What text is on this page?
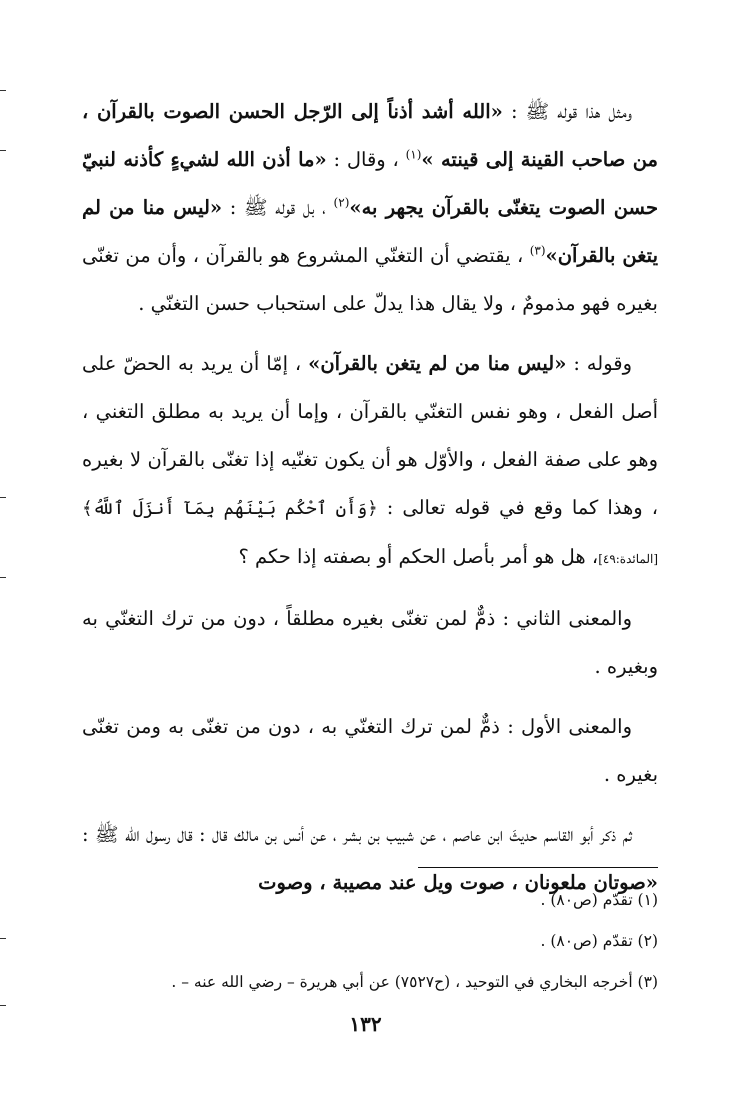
ومثل هذا قوله ﷺ : «الله أشد أذناً إلى الرّجل الحسن الصوت بالقرآن ، من صاحب القينة إلى قينته »$^{(١)}$ ، وقال : «ما أذن الله لشيءٍ كأذنه لنبيّ حسن الصوت يتغنّى بالقرآن يجهر به»$^{(٢)}$ ، بل قوله ﷺ : «ليس منا من لم يتغن بالقرآن»$^{(٣)}$ ، يقتضي أن التغنّي المشروع هو بالقرآن ، وأن من تغنّى بغيره فهو مذمومٌ ، ولا يقال هذا يدلّ على استحباب حسن التغنّي .

وقوله : «ليس منا من لم يتغن بالقرآن» ، إمّا أن يريد به الحضّ على أصل الفعل ، وهو نفس التغنّي بالقرآن ، وإما أن يريد به مطلق التغني ، وهو على صفة الفعل ، والأوّل هو أن يكون تغنّيه إذا تغنّى بالقرآن لا بغيره ، وهذا كما وقع في قوله تعالى : ﴿وَأَنِ ٱحْكُم بَيْنَهُم بِمَآ أَنزَلَ ٱللَّهُ﴾[المائدة:٤٩]، هل هو أمر بأصل الحكم أو بصفته إذا حكم ؟

والمعنى الثاني : ذمٌّ لمن تغنّى بغيره مطلقاً ، دون من ترك التغنّي به وبغيره .

والمعنى الأول : ذمٌّ لمن ترك التغنّي به ، دون من تغنّى به ومن تغنّى بغيره .

ثم ذكر أبو القاسم حديثَ ابن عاصم ، عن شبيب بن بشر ، عن أنس بن مالك قال : قال رسول الله ﷺ : «صوتان ملعونان ، صوت ويل عند مصيبة ، وصوت

(١) تقدّم (ص٨٠) .

(٢) تقدّم (ص٨٠) .

(٣) أخرجه البخاري في التوحيد ، (ح٧٥٢٧) عن أبي هريرة – رضي الله عنه – .

١٣٢
